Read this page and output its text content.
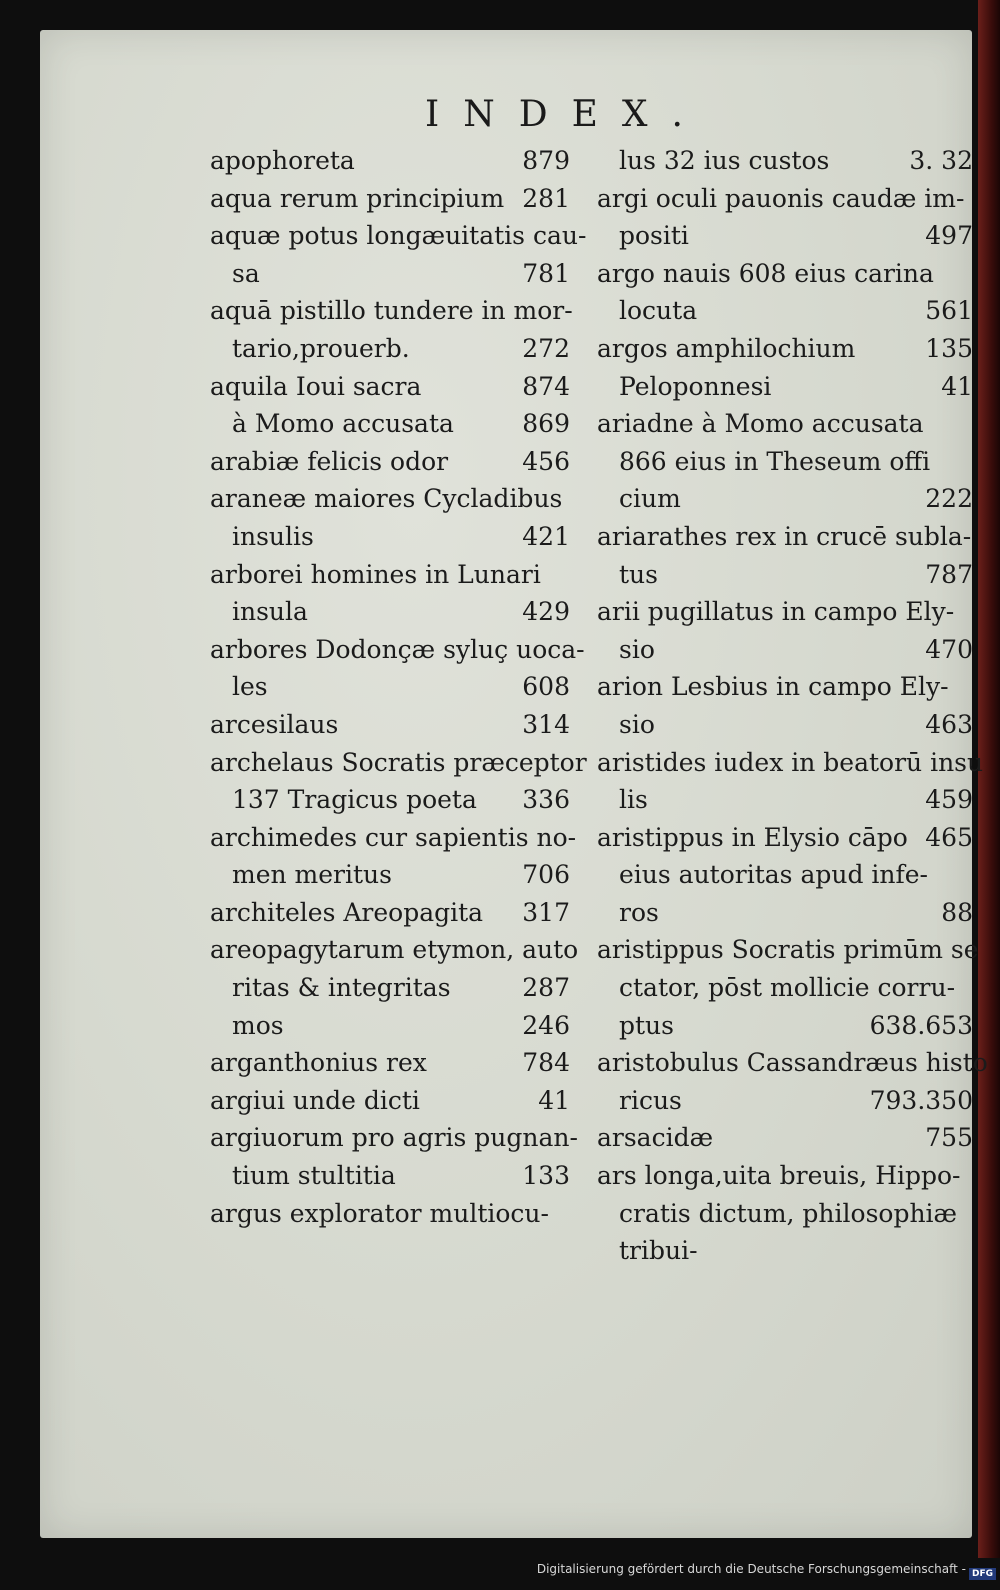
INDEX.
apophoreta	879
aqua rerum principium 281
aquæ potus longæuitatis cau-
sa	781
aquā pistillo tundere in mor-
tario,prouerb.	272
aquila Ioui sacra	874
à Momo accusata	869
arabiæ felicis odor	456
araneæ maiores Cycladibus
insulis	421
arborei homines in Lunari
insula	429
arbores Dodonçæ syluç uoca-
les	608
arcesilaus	314
archelaus Socratis præceptor
137 Tragicus poeta	336
archimedes cur sapientis no-
men meritus	706
architeles Areopagita	317
areopagytarum etymon, auto
ritas & integritas	287
mos	246
arganthonius rex	784
argiui unde dicti	41
argiuorum pro agris pugnan-
tium stultitia	133
argus explorator multiocu-
lus 32 ius custos	3. 32
argi oculi pauonis caudæ im-
positi	497
argo nauis 608 eius carina
locuta	561
argos amphilochium	135
Peloponnesi	41
ariadne à Momo accusata
866 eius in Theseum offi
cium	222
ariarathes rex in crucē subla-
tus	787
arii pugillatus in campo Ely-
sio	470
arion Lesbius in campo Ely-
sio	463
aristides iudex in beatorū insu
lis	459
aristippus in Elysio cāpo 465
eius autoritas apud infe-
ros	88
aristippus Socratis primūm se
ctator, pōst mollicie corru-
ptus	638.653
aristobulus Cassandræus histo
ricus	793.350
arsacidæ	755
ars longa,uita breuis, Hippo-
cratis dictum, philosophiæ
tribui-
Digitalisierung gefördert durch die Deutsche Forschungsgemeinschaft - DFG
